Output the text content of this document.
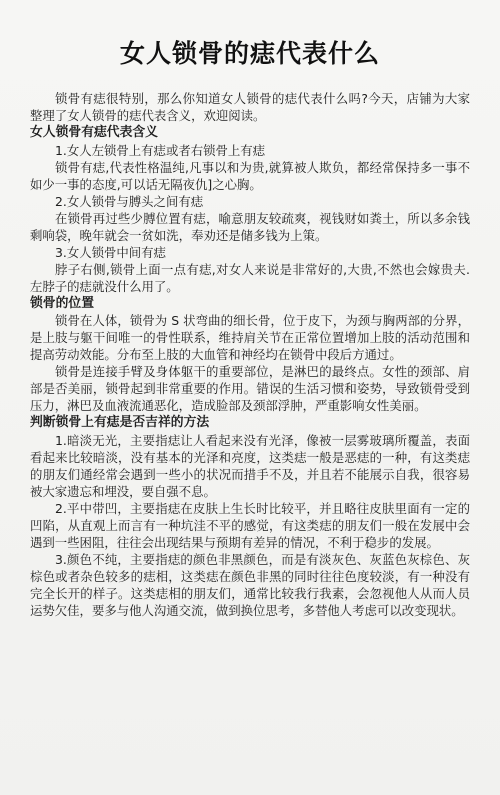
女人锁骨的痣代表什么

锁骨有痣很特别，那么你知道女人锁骨的痣代表什么吗?今天，店铺为大家整理了女人锁骨的痣代表含义，欢迎阅读。

女人锁骨有痣代表含义

1.女人左锁骨上有痣或者右锁骨上有痣

锁骨有痣,代表性格温纯,凡事以和为贵,就算被人欺负，都经常保持多一事不如少一事的态度,可以话无隔夜仇]之心胸。

2.女人锁骨与膊头之间有痣

在锁骨再过些少膊位置有痣，喻意朋友较疏爽，视钱财如粪土，所以多余钱剩响袋，晚年就会一贫如洗，奉劝还是储多钱为上策。

3.女人锁骨中间有痣

脖子右侧,锁骨上面一点有痣,对女人来说是非常好的,大贵,不然也会嫁贵夫.左脖子的痣就没什么用了。

锁骨的位置

锁骨在人体，锁骨为 S 状弯曲的细长骨，位于皮下，为颈与胸两部的分界，是上肢与躯干间唯一的骨性联系，维持肩关节在正常位置增加上肢的活动范围和提高劳动效能。分布至上肢的大血管和神经均在锁骨中段后方通过。

锁骨是连接手臂及身体躯干的重要部位，是淋巴的最终点。女性的颈部、肩部是否美丽，锁骨起到非常重要的作用。错误的生活习惯和姿势，导致锁骨受到压力，淋巴及血液流通恶化，造成脸部及颈部浮肿，严重影响女性美丽。

判断锁骨上有痣是否吉祥的方法

1.暗淡无光，主要指痣让人看起来没有光泽，像被一层雾玻璃所覆盖，表面看起来比较暗淡，没有基本的光泽和亮度，这类痣一般是恶痣的一种，有这类痣的朋友们通经常会遇到一些小的状况而措手不及，并且若不能展示自我，很容易被大家遗忘和埋没，要自强不息。

2.平中带凹，主要指痣在皮肤上生长时比较平，并且略往皮肤里面有一定的凹陷，从直观上而言有一种坑洼不平的感觉，有这类痣的朋友们一般在发展中会遇到一些困阻，往往会出现结果与预期有差异的情况，不利于稳步的发展。

3.颜色不纯，主要指痣的颜色非黑颜色，而是有淡灰色、灰蓝色灰棕色、灰棕色或者杂色较多的痣相，这类痣在颜色非黑的同时往往色度较淡，有一种没有完全长开的样子。这类痣相的朋友们，通常比较我行我素，会忽视他人从而人员运势欠佳，要多与他人沟通交流，做到换位思考，多替他人考虑可以改变现状。
